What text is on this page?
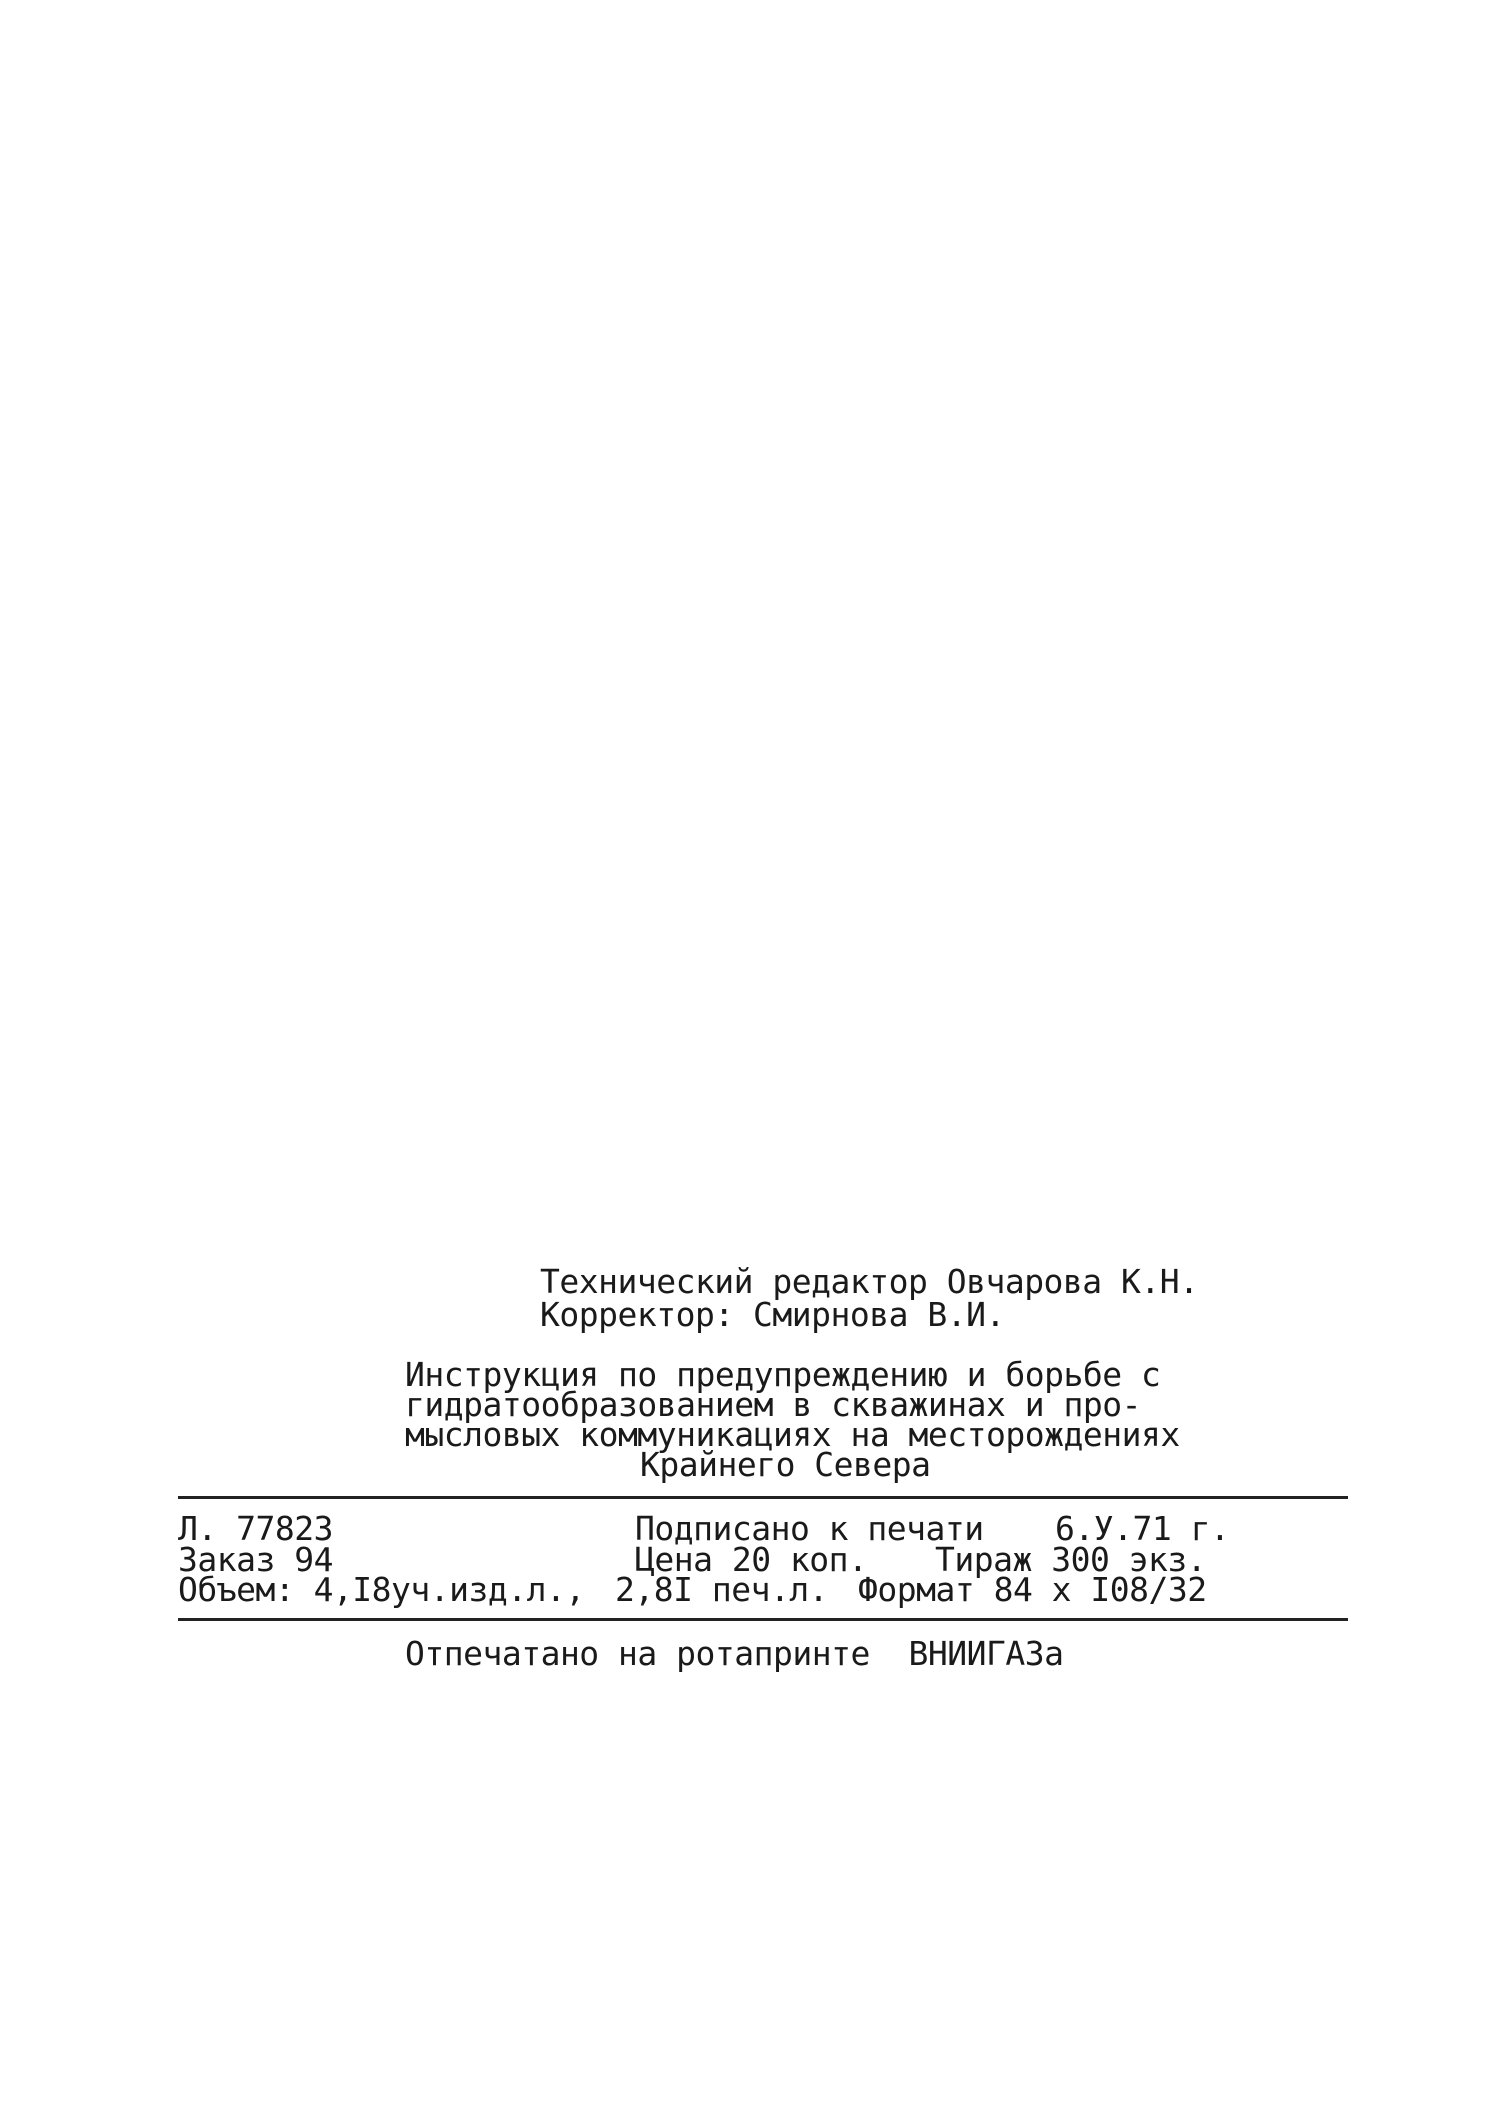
Технический редактор Овчарова К.Н.
Корректор: Смирнова В.И.
Инструкция по предупреждению и борьбе с
гидратообразованием в скважинах и про-
мысловых коммуникациях на месторождениях
Крайнего Севера
Л. 77823	Подписано к печати 6.У.71 г.
Заказ 94	Цена 20 коп. Тираж 300 экз.
Объем: 4,I8уч.изд.л., 2,8I печ.л. Формат 84 х I08/32
Отпечатано на ротапринте  ВНИИГАЗа
